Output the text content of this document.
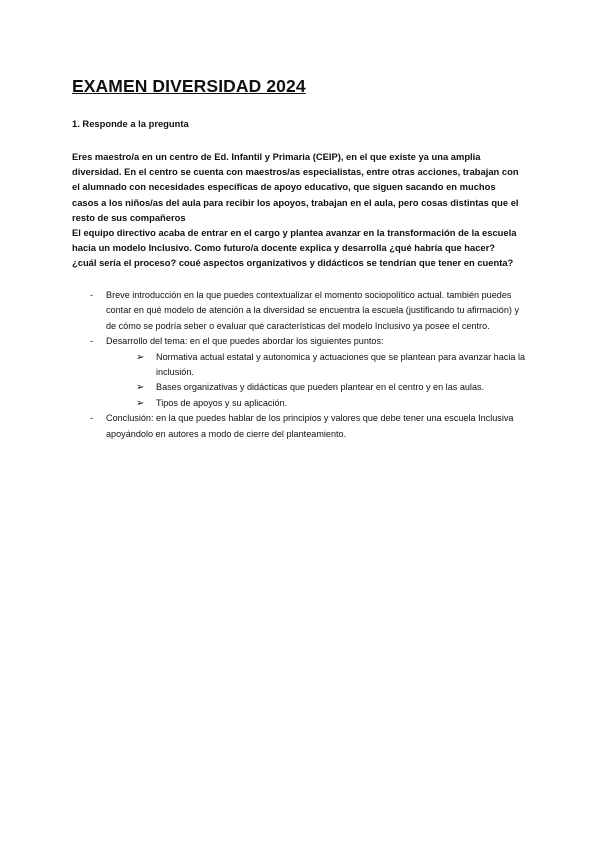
EXAMEN DIVERSIDAD 2024
1. Responde a la pregunta

Eres maestro/a en un centro de Ed. Infantil y Primaria (CEIP), en el que existe ya una amplia diversidad. En el centro se cuenta con maestros/as especialistas, entre otras acciones, trabajan con el alumnado con necesidades específicas de apoyo educativo, que siguen sacando en muchos casos a los niños/as del aula para recibir los apoyos, trabajan en el aula, pero cosas distintas que el resto de sus compañeros

El equipo directivo acaba de entrar en el cargo y plantea avanzar en la transformación de la escuela hacia un modelo Inclusivo. Como futuro/a docente explica y desarrolla ¿qué habría que hacer? ¿cuál sería el proceso? coué aspectos organizativos y didácticos se tendrían que tener en cuenta?

- Breve introducción en la que puedes contextualizar el momento sociopolítico actual. también puedes contar en qué modelo de atención a la diversidad se encuentra la escuela (justificando tu afirmación) y de cómo se podría seber o evaluar qué características del modelo Inclusivo ya posee el centro.
- Desarrollo del tema: en el que puedes abordar los siguientes puntos:
➢ Normativa actual estatal y autonomica y actuaciones que se plantean para avanzar hacia la inclusión.
➢ Bases organizativas y didácticas que pueden plantear en el centro y en las aulas.
➢ Tipos de apoyos y su aplicación.
- Conclusión: en la que puedes hablar de los principios y valores que debe tener una escuela Inclusiva apoyándolo en autores a modo de cierre del planteamiento.
